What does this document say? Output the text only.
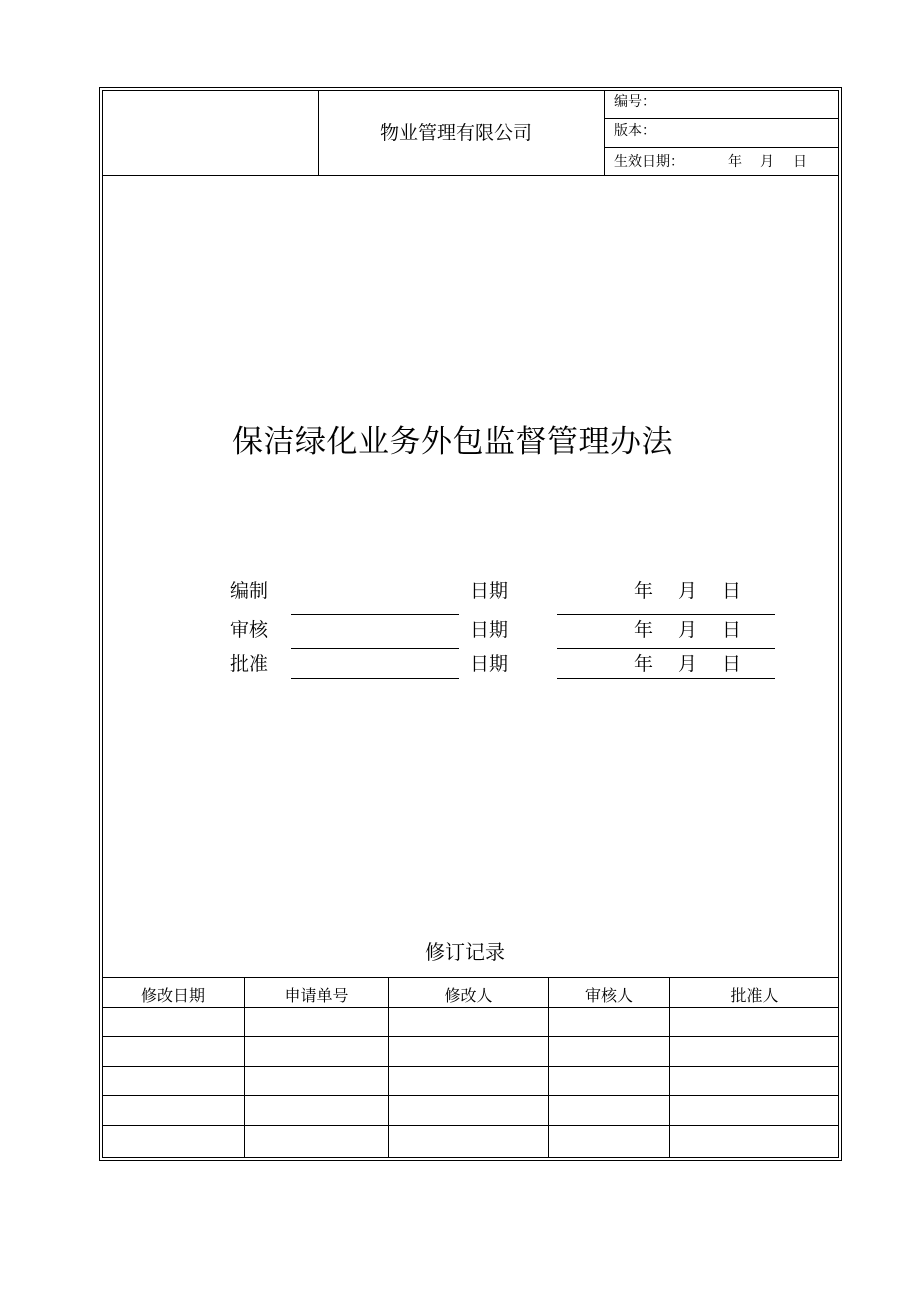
物业管理有限公司
编号：
版本：
生效日期：	年 月 日
保洁绿化业务外包监督管理办法
编制	日期	年 月 日
审核	日期	年 月 日
批准	日期	年 月 日
修订记录
修改日期	申请单号	修改人	审核人	批准人
